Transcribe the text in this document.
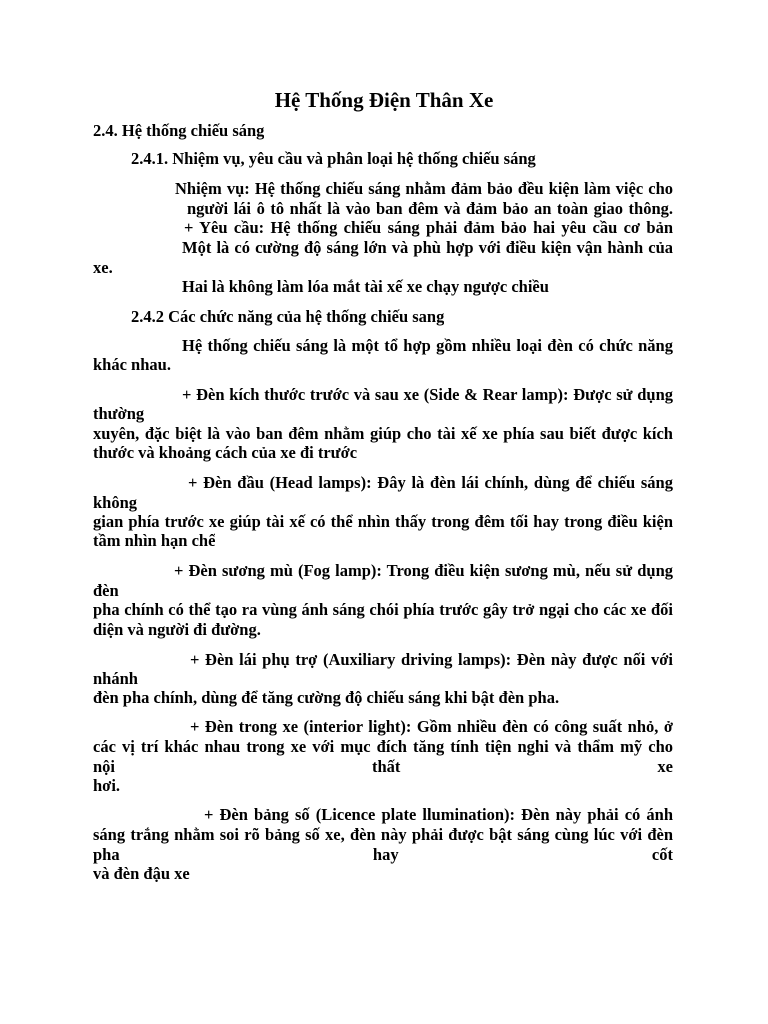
Hệ Thống Điện Thân Xe
2.4. Hệ thống chiếu sáng
2.4.1. Nhiệm vụ, yêu cầu và phân loại hệ thống chiếu sáng
Nhiệm vụ: Hệ thống chiếu sáng nhằm đảm bảo đều kiện làm việc cho
người lái ô tô nhất là vào ban đêm và đảm bảo an toàn giao thông.
+ Yêu cầu: Hệ thống chiếu sáng phải đảm bảo hai yêu cầu cơ bản
Một là có cường độ sáng lớn và phù hợp với điều kiện vận hành của
xe.
Hai là không làm lóa mắt tài xế xe chạy ngược chiều
2.4.2 Các chức năng của hệ thống chiếu sang
Hệ thống chiếu sáng là một tổ hợp gồm nhiều loại đèn có chức năng
khác nhau.
+ Đèn kích thước trước và sau xe (Side & Rear lamp): Được sử dụng
thường
xuyên, đặc biệt là vào ban đêm nhằm giúp cho tài xế xe phía sau biết được kích
thước và khoảng cách của xe đi trước
+ Đèn đầu (Head lamps): Đây là đèn lái chính, dùng để chiếu sáng
không
gian phía trước xe giúp tài xế có thể nhìn thấy trong đêm tối hay trong điều kiện
tầm nhìn hạn chế
+ Đèn sương mù (Fog lamp): Trong điều kiện sương mù, nếu sử dụng
đèn
pha chính có thể tạo ra vùng ánh sáng chói phía trước gây trở ngại cho các xe đối
diện và người đi đường.
+ Đèn lái phụ trợ (Auxiliary driving lamps): Đèn này được nối với
nhánh
đèn pha chính, dùng để tăng cường độ chiếu sáng khi bật đèn pha.
+ Đèn trong xe (interior light): Gồm nhiều đèn có công suất nhỏ, ở
các vị trí khác nhau trong xe với mục đích tăng tính tiện nghi và thẩm mỹ cho
nội thất xe
hơi.
+ Đèn bảng số (Licence plate llumination): Đèn này phải có ánh
sáng trắng nhằm soi rõ bảng số xe, đèn này phải được bật sáng cùng lúc với đèn
pha hay cốt
và đèn đậu xe
